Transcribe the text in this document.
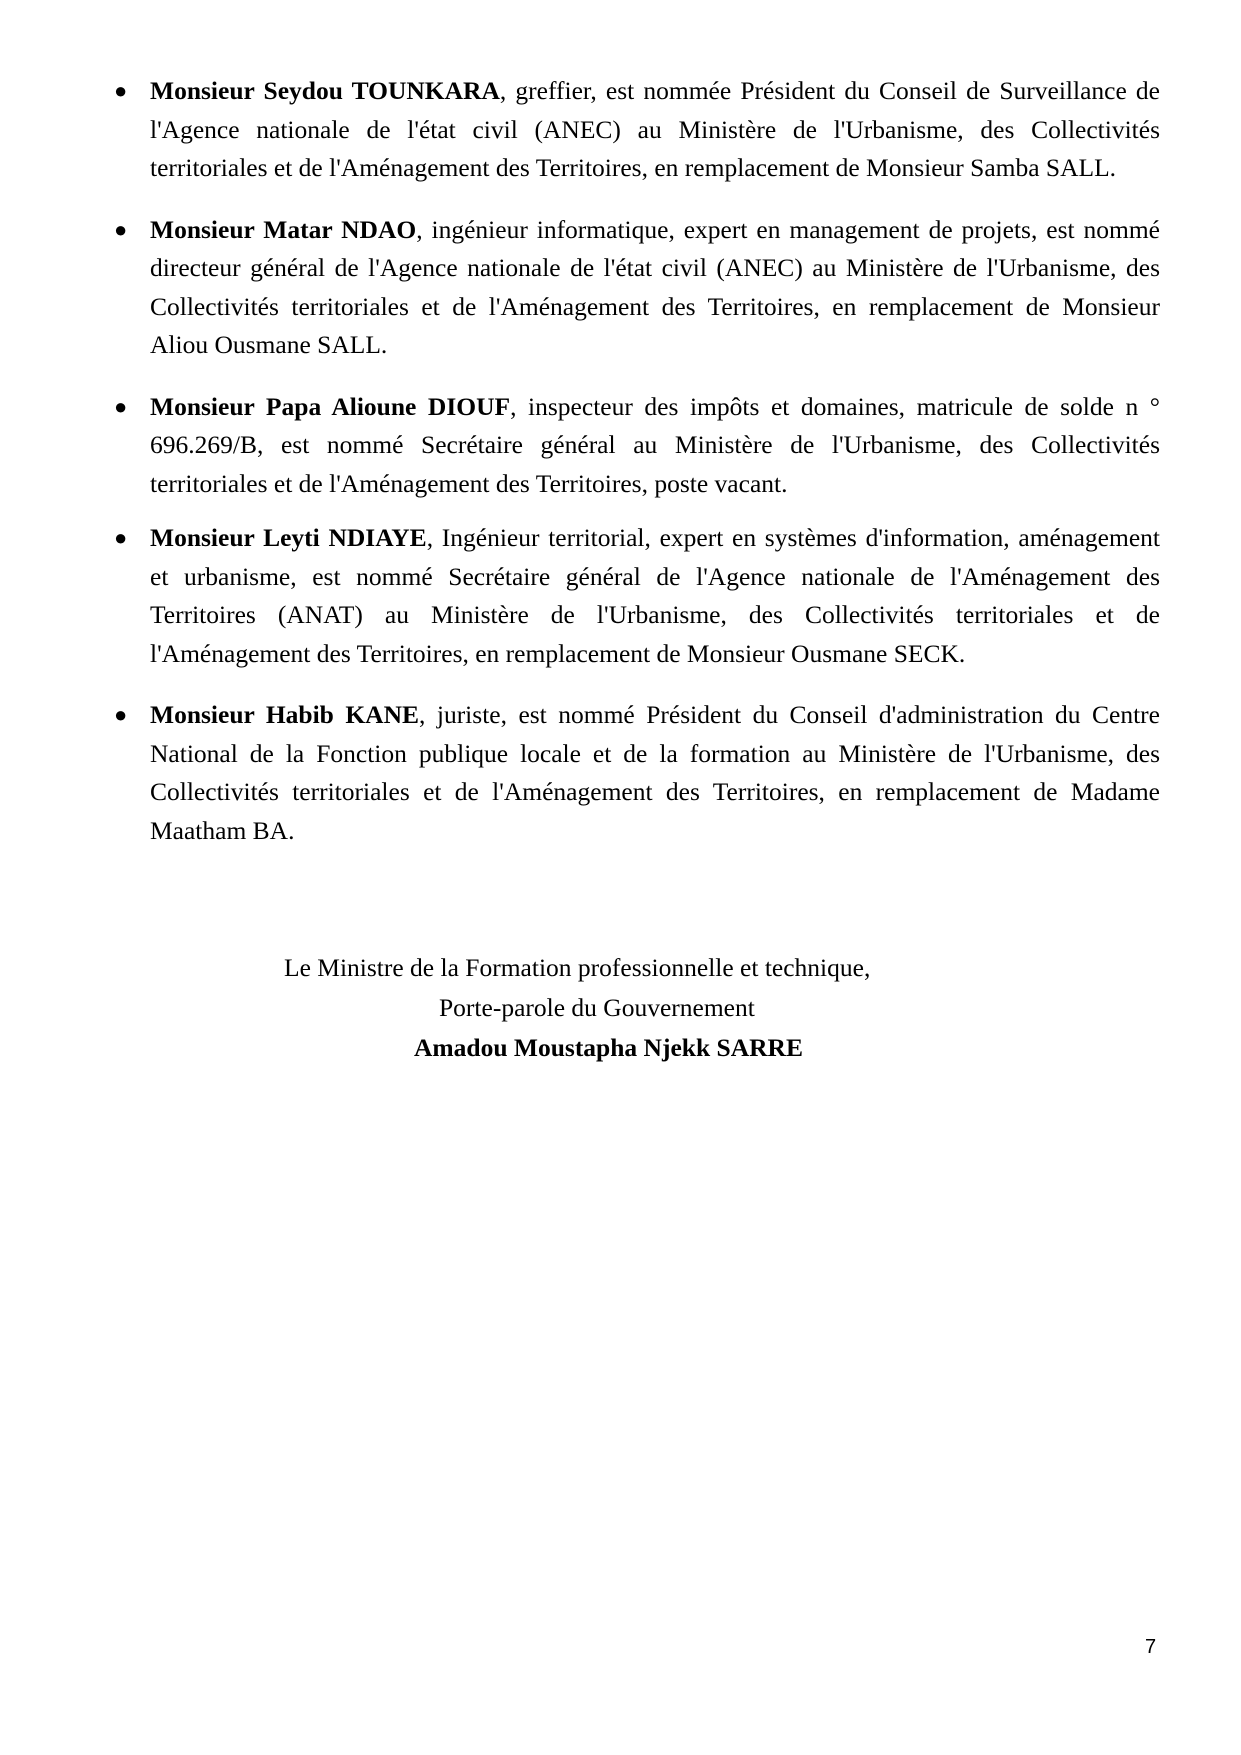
● Monsieur Seydou TOUNKARA, greffier, est nommée Président du Conseil de Surveillance de l'Agence nationale de l'état civil (ANEC) au Ministère de l'Urbanisme, des Collectivités territoriales et de l'Aménagement des Territoires, en remplacement de Monsieur Samba SALL.
● Monsieur Matar NDAO, ingénieur informatique, expert en management de projets, est nommé directeur général de l'Agence nationale de l'état civil (ANEC) au Ministère de l'Urbanisme, des Collectivités territoriales et de l'Aménagement des Territoires, en remplacement de Monsieur Aliou Ousmane SALL.
● Monsieur Papa Alioune DIOUF, inspecteur des impôts et domaines, matricule de solde n ° 696.269/B, est nommé Secrétaire général au Ministère de l'Urbanisme, des Collectivités territoriales et de l'Aménagement des Territoires, poste vacant.
● Monsieur Leyti NDIAYE, Ingénieur territorial, expert en systèmes d'information, aménagement et urbanisme, est nommé Secrétaire général de l'Agence nationale de l'Aménagement des Territoires (ANAT) au Ministère de l'Urbanisme, des Collectivités territoriales et de l'Aménagement des Territoires, en remplacement de Monsieur Ousmane SECK.
● Monsieur Habib KANE, juriste, est nommé Président du Conseil d'administration du Centre National de la Fonction publique locale et de la formation au Ministère de l'Urbanisme, des Collectivités territoriales et de l'Aménagement des Territoires, en remplacement de Madame Maatham BA.
Le Ministre de la Formation professionnelle et technique,
Porte-parole du Gouvernement
Amadou Moustapha Njekk SARRE
7
